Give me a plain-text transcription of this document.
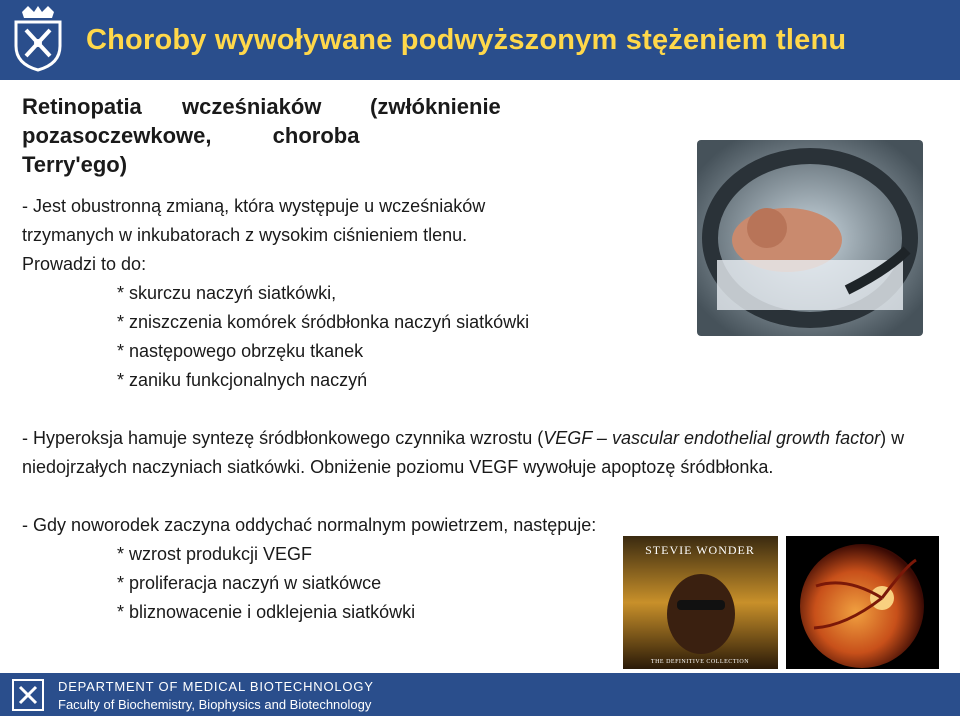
Choroby wywoływane podwyższonym stężeniem tlenu
Retinopatia wcześniaków (zwłóknieniepozasoczewkowe,	choroba
Terry'ego)
- Jest obustronną zmianą, która występuje u wcześniaków
trzymanych w inkubatorach z wysokim ciśnieniem tlenu.
Prowadzi to do:
* skurczu naczyń siatkówki,
* zniszczenia komórek śródbłonka naczyń siatkówki
* następowego obrzęku tkanek
* zaniku funkcjonalnych naczyń
- Hyperoksja hamuje syntezę śródbłonkowego czynnika wzrostu (VEGF – vascular endothelial growth factor) w niedojrzałych naczyniach siatkówki. Obniżenie poziomu VEGF wywołuje apoptozę śródbłonka.
- Gdy noworodek zaczyna oddychać normalnym powietrzem, następuje:
* wzrost produkcji VEGF
* proliferacja naczyń w siatkówce
* bliznowacenie i odklejenia siatkówki
STEVIE WONDER
THE DEFINITIVE COLLECTION
DEPARTMENT OF MEDICAL BIOTECHNOLOGY
Faculty of Biochemistry, Biophysics and Biotechnology
